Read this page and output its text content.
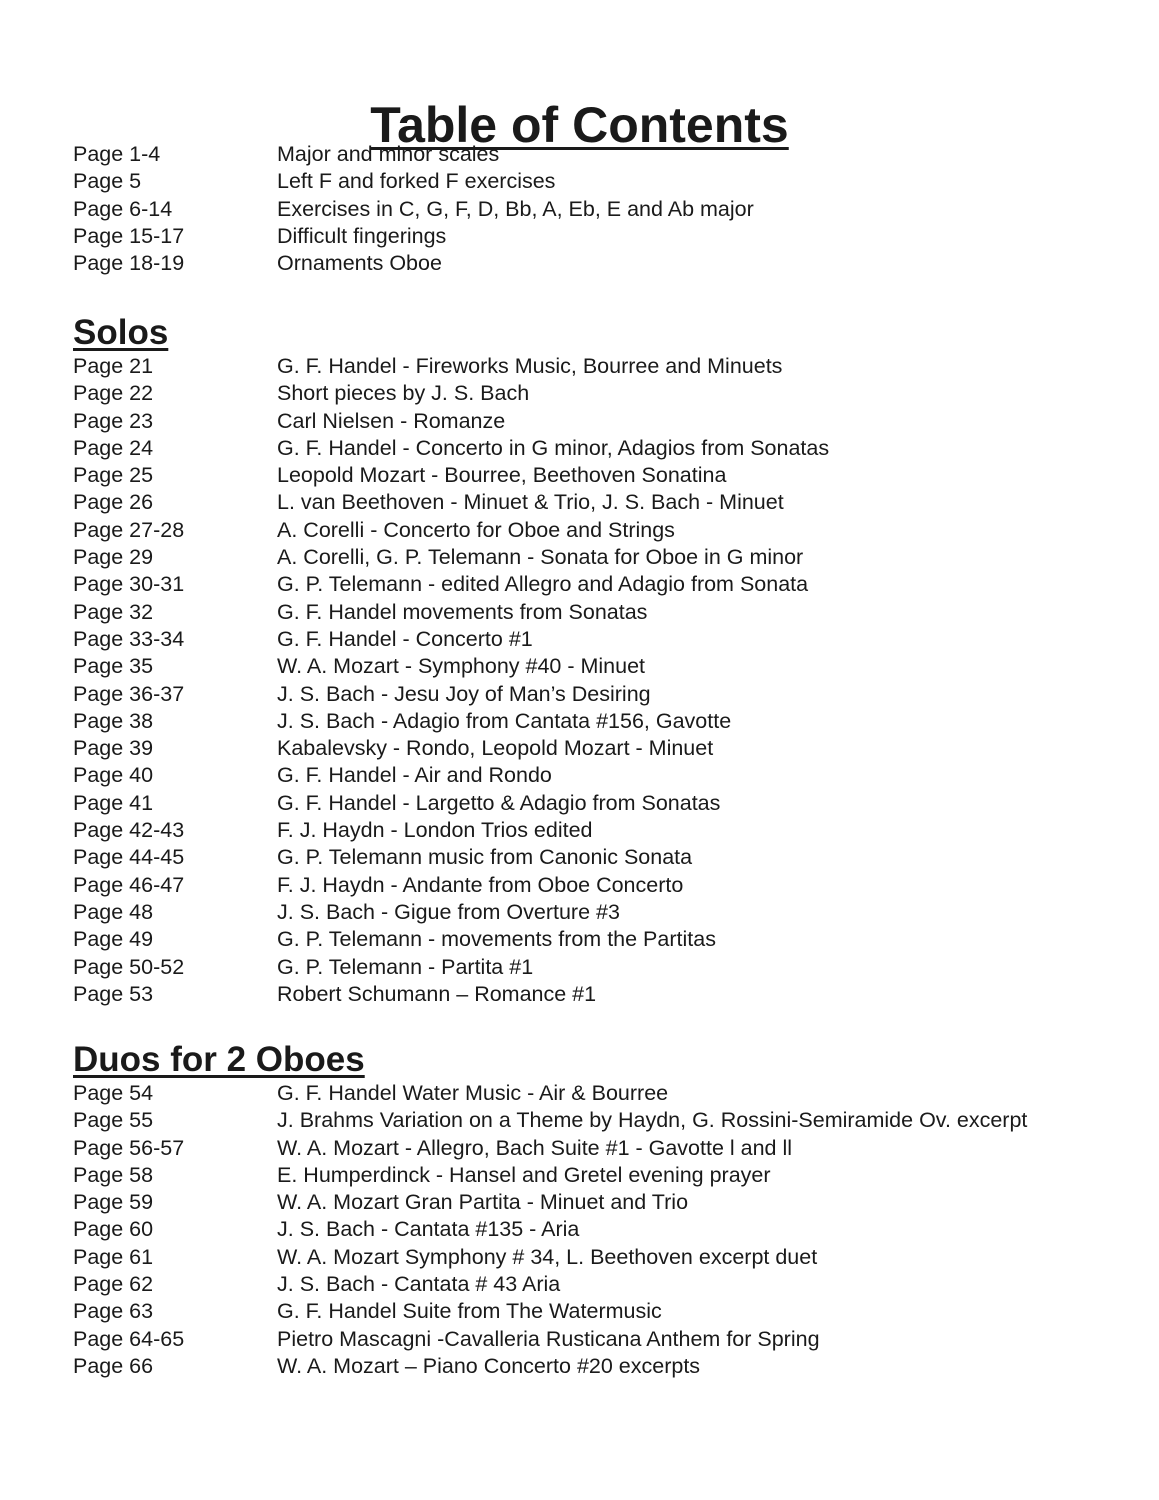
Table of Contents
Page 1-4	Major and minor scales
Page 5	Left F and forked F exercises
Page 6-14	Exercises in C, G, F, D, Bb, A, Eb, E and Ab major
Page 15-17	Difficult fingerings
Page 18-19	Ornaments Oboe
Solos
Page 21	G. F. Handel - Fireworks Music, Bourree and Minuets
Page 22	Short pieces by J. S. Bach
Page 23	Carl Nielsen - Romanze
Page 24	G. F. Handel - Concerto in G minor, Adagios from Sonatas
Page 25	Leopold Mozart - Bourree, Beethoven Sonatina
Page 26	L. van Beethoven - Minuet & Trio, J. S. Bach - Minuet
Page 27-28	A. Corelli - Concerto for Oboe and Strings
Page 29	A. Corelli, G. P. Telemann - Sonata for Oboe in G minor
Page 30-31	G. P. Telemann - edited Allegro and Adagio from Sonata
Page 32	G. F. Handel movements from Sonatas
Page 33-34	G. F. Handel - Concerto #1
Page 35	W. A. Mozart - Symphony #40 - Minuet
Page 36-37	J. S. Bach - Jesu Joy of Man’s Desiring
Page 38	J. S. Bach - Adagio from Cantata #156, Gavotte
Page 39	Kabalevsky - Rondo, Leopold Mozart - Minuet
Page 40	G. F. Handel - Air and Rondo
Page 41	G. F. Handel - Largetto & Adagio from Sonatas
Page 42-43	F. J. Haydn - London Trios edited
Page 44-45	G. P. Telemann music from Canonic Sonata
Page 46-47	F. J. Haydn - Andante from Oboe Concerto
Page 48	J. S. Bach - Gigue from Overture #3
Page 49	G. P. Telemann - movements from the Partitas
Page 50-52	G. P. Telemann - Partita #1
Page 53	Robert Schumann – Romance #1
Duos for 2 Oboes
Page 54	G. F. Handel Water Music - Air & Bourree
Page 55	J. Brahms Variation on a Theme by Haydn, G. Rossini-Semiramide Ov. excerpt
Page 56-57	W. A. Mozart - Allegro, Bach Suite #1 - Gavotte l and ll
Page 58	E. Humperdinck - Hansel and Gretel evening prayer
Page 59	W. A. Mozart Gran Partita - Minuet and Trio
Page 60	J. S. Bach - Cantata #135 - Aria
Page 61	W. A. Mozart Symphony # 34, L. Beethoven excerpt duet
Page 62	J. S. Bach - Cantata # 43 Aria
Page 63	G. F. Handel Suite from The Watermusic
Page 64-65	Pietro Mascagni -Cavalleria Rusticana Anthem for Spring
Page 66	W. A. Mozart – Piano Concerto #20 excerpts
